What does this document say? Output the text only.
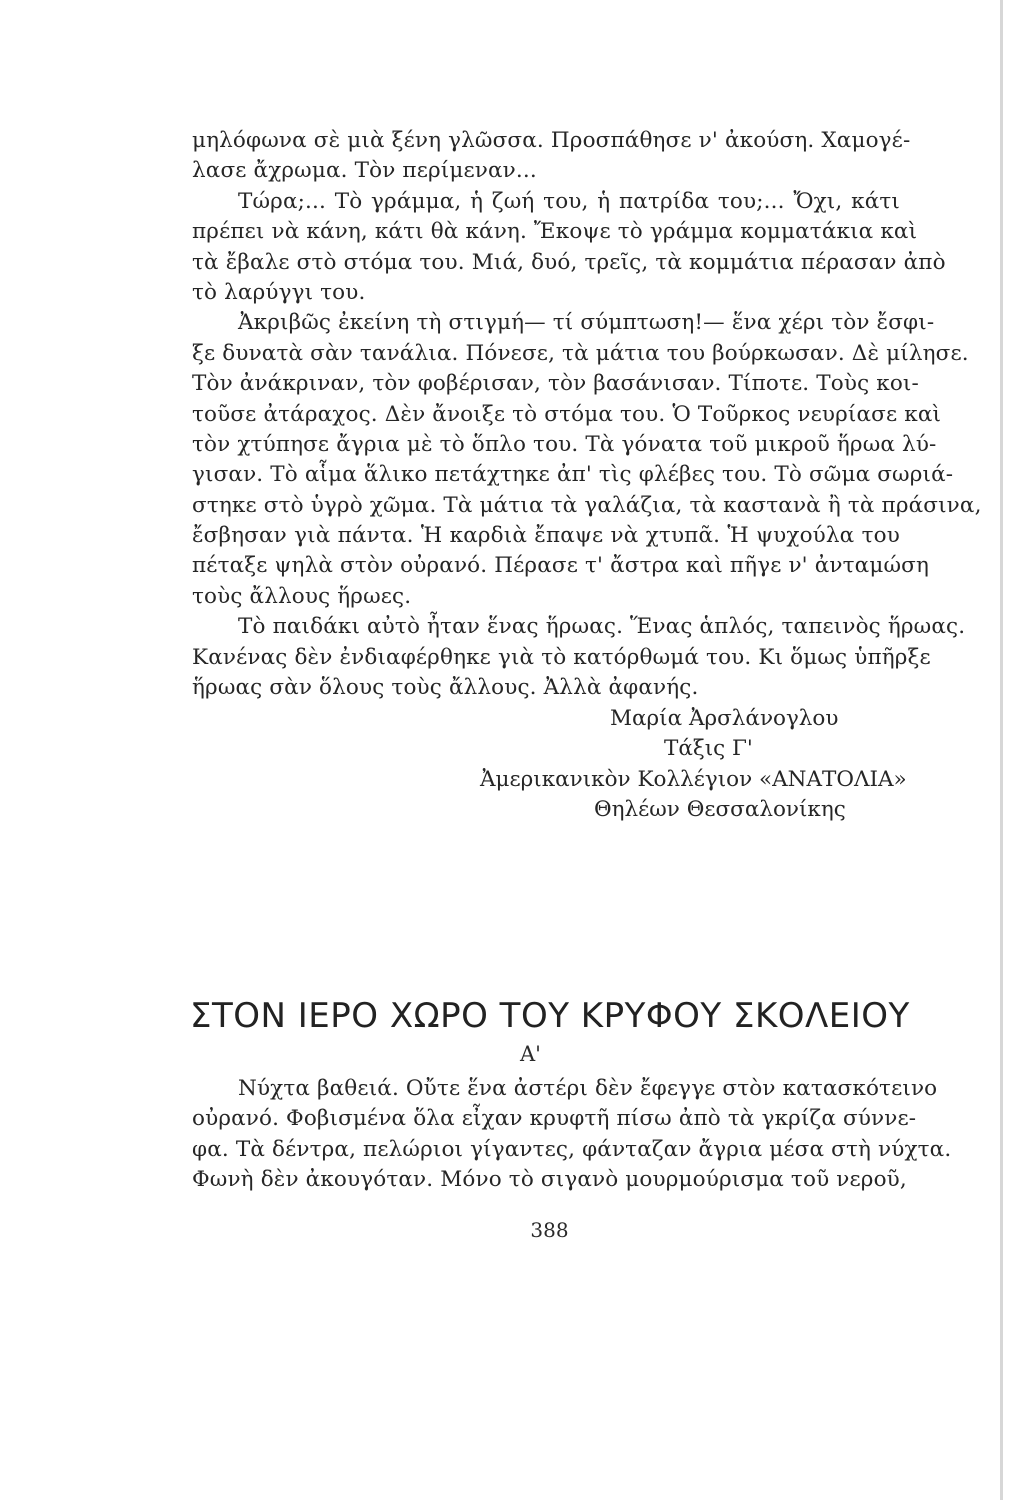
μηλόφωνα σὲ μιὰ ξένη γλῶσσα. Προσπάθησε ν' ἀκούση. Χαμογέ-
λασε ἄχρωμα. Τὸν περίμεναν...
Τώρα;... Τὸ γράμμα, ἡ ζωή του, ἡ πατρίδα του;... Ὄχι, κάτι
πρέπει νὰ κάνη, κάτι θὰ κάνη. Ἔκοψε τὸ γράμμα κομματάκια καὶ
τὰ ἔβαλε στὸ στόμα του. Μιά, δυό, τρεῖς, τὰ κομμάτια πέρασαν ἀπὸ
τὸ λαρύγγι του.
Ἀκριβῶς ἐκείνη τὴ στιγμή— τί σύμπτωση!— ἕνα χέρι τὸν ἔσφι-
ξε δυνατὰ σὰν τανάλια. Πόνεσε, τὰ μάτια του βούρκωσαν. Δὲ μίλησε.
Τὸν ἀνάκριναν, τὸν φοβέρισαν, τὸν βασάνισαν. Τίποτε. Τοὺς κοι-
τοῦσε ἀτάραχος. Δὲν ἄνοιξε τὸ στόμα του. Ὁ Τοῦρκος νευρίασε καὶ
τὸν χτύπησε ἄγρια μὲ τὸ ὅπλο του. Τὰ γόνατα τοῦ μικροῦ ἥρωα λύ-
γισαν. Τὸ αἷμα ἅλικο πετάχτηκε ἀπ' τὶς φλέβες του. Τὸ σῶμα σωριά-
στηκε στὸ ὑγρὸ χῶμα. Τὰ μάτια τὰ γαλάζια, τὰ καστανὰ ἢ τὰ πράσινα,
ἔσβησαν γιὰ πάντα. Ἡ καρδιὰ ἔπαψε νὰ χτυπᾶ. Ἡ ψυχούλα του
πέταξε ψηλὰ στὸν οὐρανό. Πέρασε τ' ἄστρα καὶ πῆγε ν' ἀνταμώση
τοὺς ἄλλους ἥρωες.
Τὸ παιδάκι αὐτὸ ἦταν ἕνας ἥρωας. Ἕνας ἁπλός, ταπεινὸς ἥρωας.
Κανένας δὲν ἐνδιαφέρθηκε γιὰ τὸ κατόρθωμά του. Κι ὅμως ὑπῆρξε
ἥρωας σὰν ὅλους τοὺς ἄλλους. Ἀλλὰ ἀφανής.
Μαρία Ἀρσλάνογλου
Τάξις Γ'
Ἀμερικανικὸν Κολλέγιον «ΑΝΑΤΟΛΙΑ»
Θηλέων Θεσσαλονίκης
ΣΤΟΝ ΙΕΡΟ ΧΩΡΟ ΤΟΥ ΚΡΥΦΟΥ ΣΚΟΛΕΙΟΥ
Α'
Νύχτα βαθειά. Οὔτε ἕνα ἀστέρι δὲν ἔφεγγε στὸν κατασκότεινο
οὐρανό. Φοβισμένα ὅλα εἶχαν κρυφτῆ πίσω ἀπὸ τὰ γκρίζα σύννε-
φα. Τὰ δέντρα, πελώριοι γίγαντες, φάνταζαν ἄγρια μέσα στὴ νύχτα.
Φωνὴ δὲν ἀκουγόταν. Μόνο τὸ σιγανὸ μουρμούρισμα τοῦ νεροῦ,
388
